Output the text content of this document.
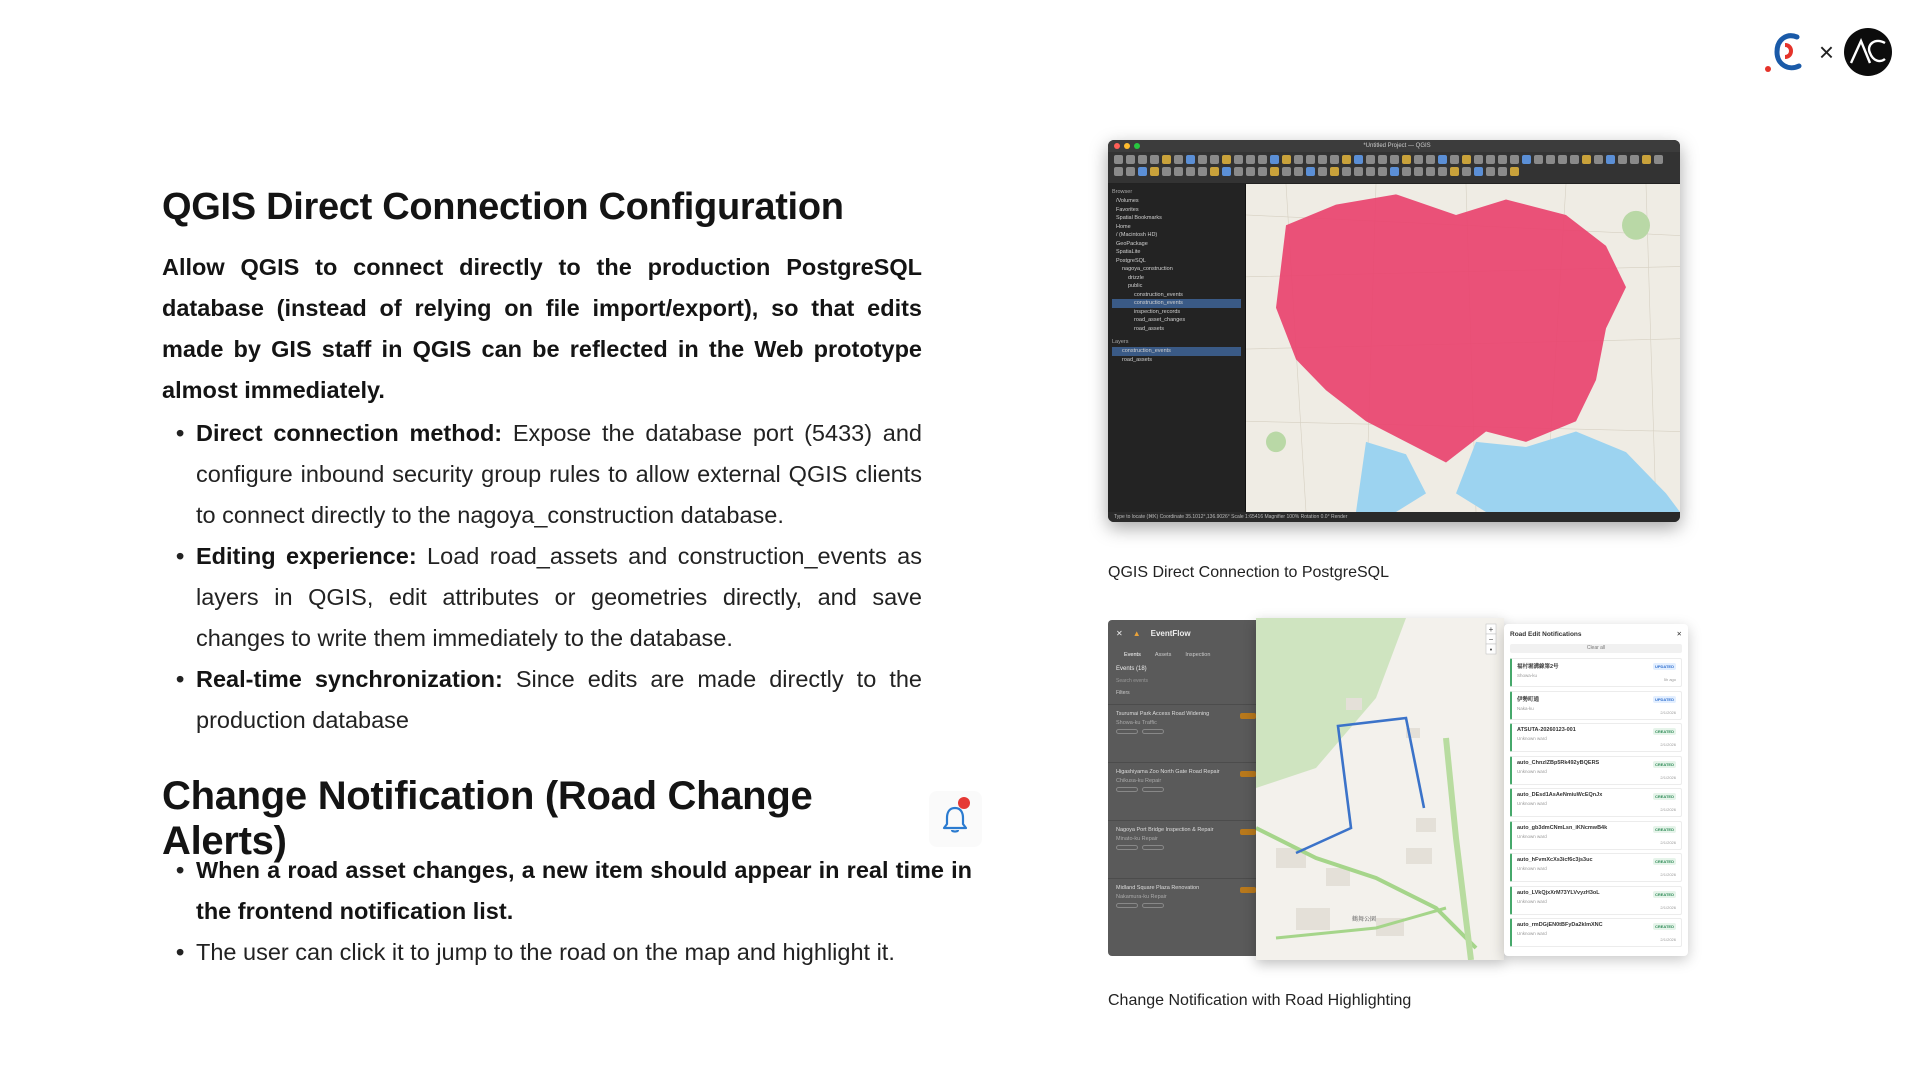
×
QGIS Direct Connection Configuration

Allow QGIS to connect directly to the production PostgreSQL database (instead of relying on file import/export), so that edits made by GIS staff in QGIS can be reflected in the Web prototype almost immediately.

• Direct connection method: Expose the database port (5433) and configure inbound security group rules to allow external QGIS clients to connect directly to the nagoya_construction database.
• Editing experience: Load road_assets and construction_events as layers in QGIS, edit attributes or geometries directly, and save changes to write them immediately to the database.
• Real-time synchronization: Since edits are made directly to the production database
Change Notification (Road Change Alerts)
• When a road asset changes, a new item should appear in real time in the frontend notification list.
• The user can click it to jump to the road on the map and highlight it.
*Untitled Project — QGIS
Browser
/Volumes
Favorites
Spatial Bookmarks
Home
/ (Macintosh HD)
GeoPackage
SpatiaLite
PostgreSQL
nagoya_construction
drizzle
public
construction_events
construction_events
inspection_records
road_asset_changes
road_assets
Layers
construction_events
road_assets
Type to locate (⌘K) Coordinate 35.1012°,136.9026° Scale 1:65416 Magnifier 100% Rotation 0.0° Render
QGIS Direct Connection to PostgreSQL
✕ ▲ EventFlow
Events	Assets	Inspection
Events (18)
Search events
Filters
Tsurumai Park Access Road Widening
Showa-ku Traffic
Higashiyama Zoo North Gate Road Repair
Chikusa-ku Repair
Nagoya Port Bridge Inspection & Repair
Minato-ku Repair
Midland Square Plaza Renovation
Nakamura-ku Repair
+
−
•
鶴舞公園
Road Edit Notifications	✕
Clear all
福村堀溝線第2号
Showa-ku
UPDATED
5h ago
伊勢町通
Naka-ku
UPDATED
2/1/2026
ATSUTA-20260123-001
Unknown ward
CREATED
2/1/2026
auto_ChnzlZBp5Rk492yBQERS
Unknown ward
CREATED
2/1/2026
auto_DEsd1AsAeNmiuWcEQnJx
Unknown ward
CREATED
2/1/2026
auto_gb3dmCNmLsn_iKNcmwB4k
Unknown ward
CREATED
2/1/2026
auto_hFvmXcXs3icf6c3js3uc
Unknown ward
CREATED
2/1/2026
auto_LVkQjxXrM73YLVvyzH3oL
Unknown ward
CREATED
2/1/2026
auto_rmDGjEN0tBFyDa2klmXNC
Unknown ward
CREATED
2/1/2026
Change Notification with Road Highlighting
